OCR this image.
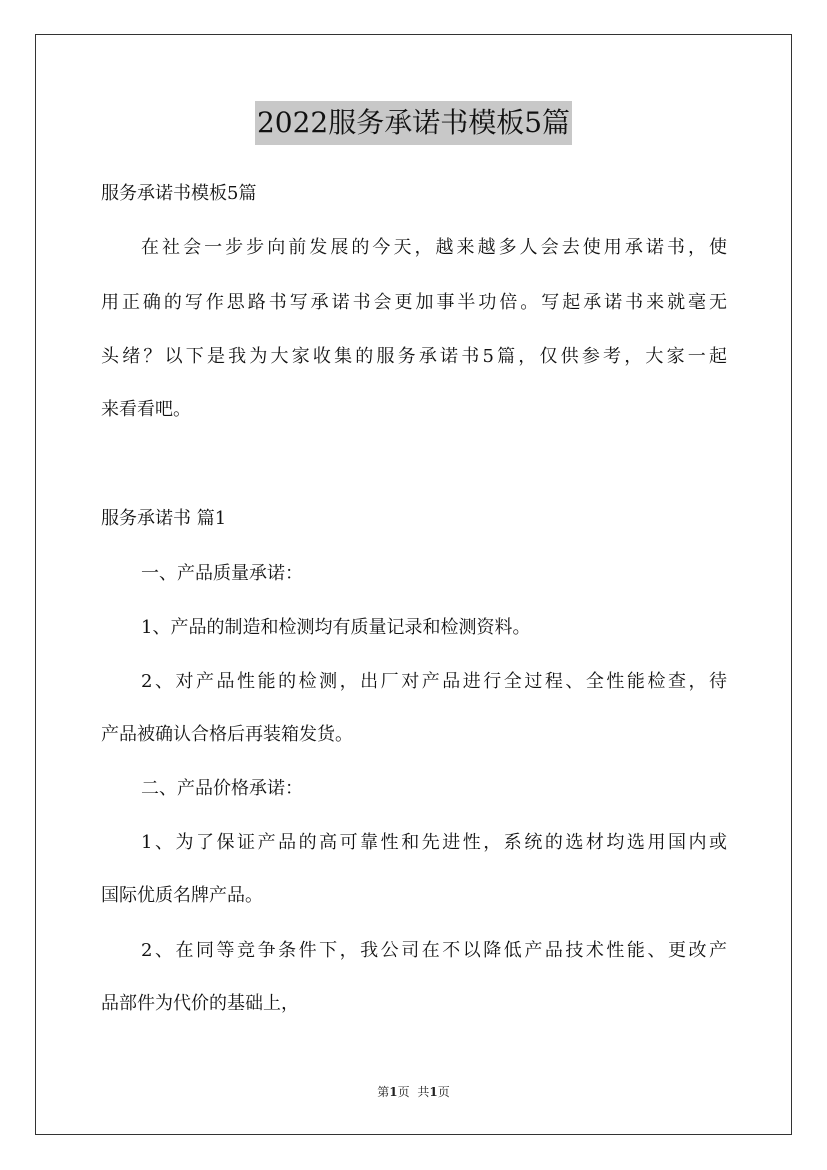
2022服务承诺书模板5篇
服务承诺书模板5篇
在社会一步步向前发展的今天，越来越多人会去使用承诺书，使
用正确的写作思路书写承诺书会更加事半功倍。写起承诺书来就毫无
头绪？以下是我为大家收集的服务承诺书5篇，仅供参考，大家一起
来看看吧。
服务承诺书 篇1
一、产品质量承诺：
1、产品的制造和检测均有质量记录和检测资料。
2、对产品性能的检测，出厂对产品进行全过程、全性能检查，待
产品被确认合格后再装箱发货。
二、产品价格承诺：
1、为了保证产品的高可靠性和先进性，系统的选材均选用国内或
国际优质名牌产品。
2、在同等竞争条件下，我公司在不以降低产品技术性能、更改产
品部件为代价的基础上，
第1页 共1页
